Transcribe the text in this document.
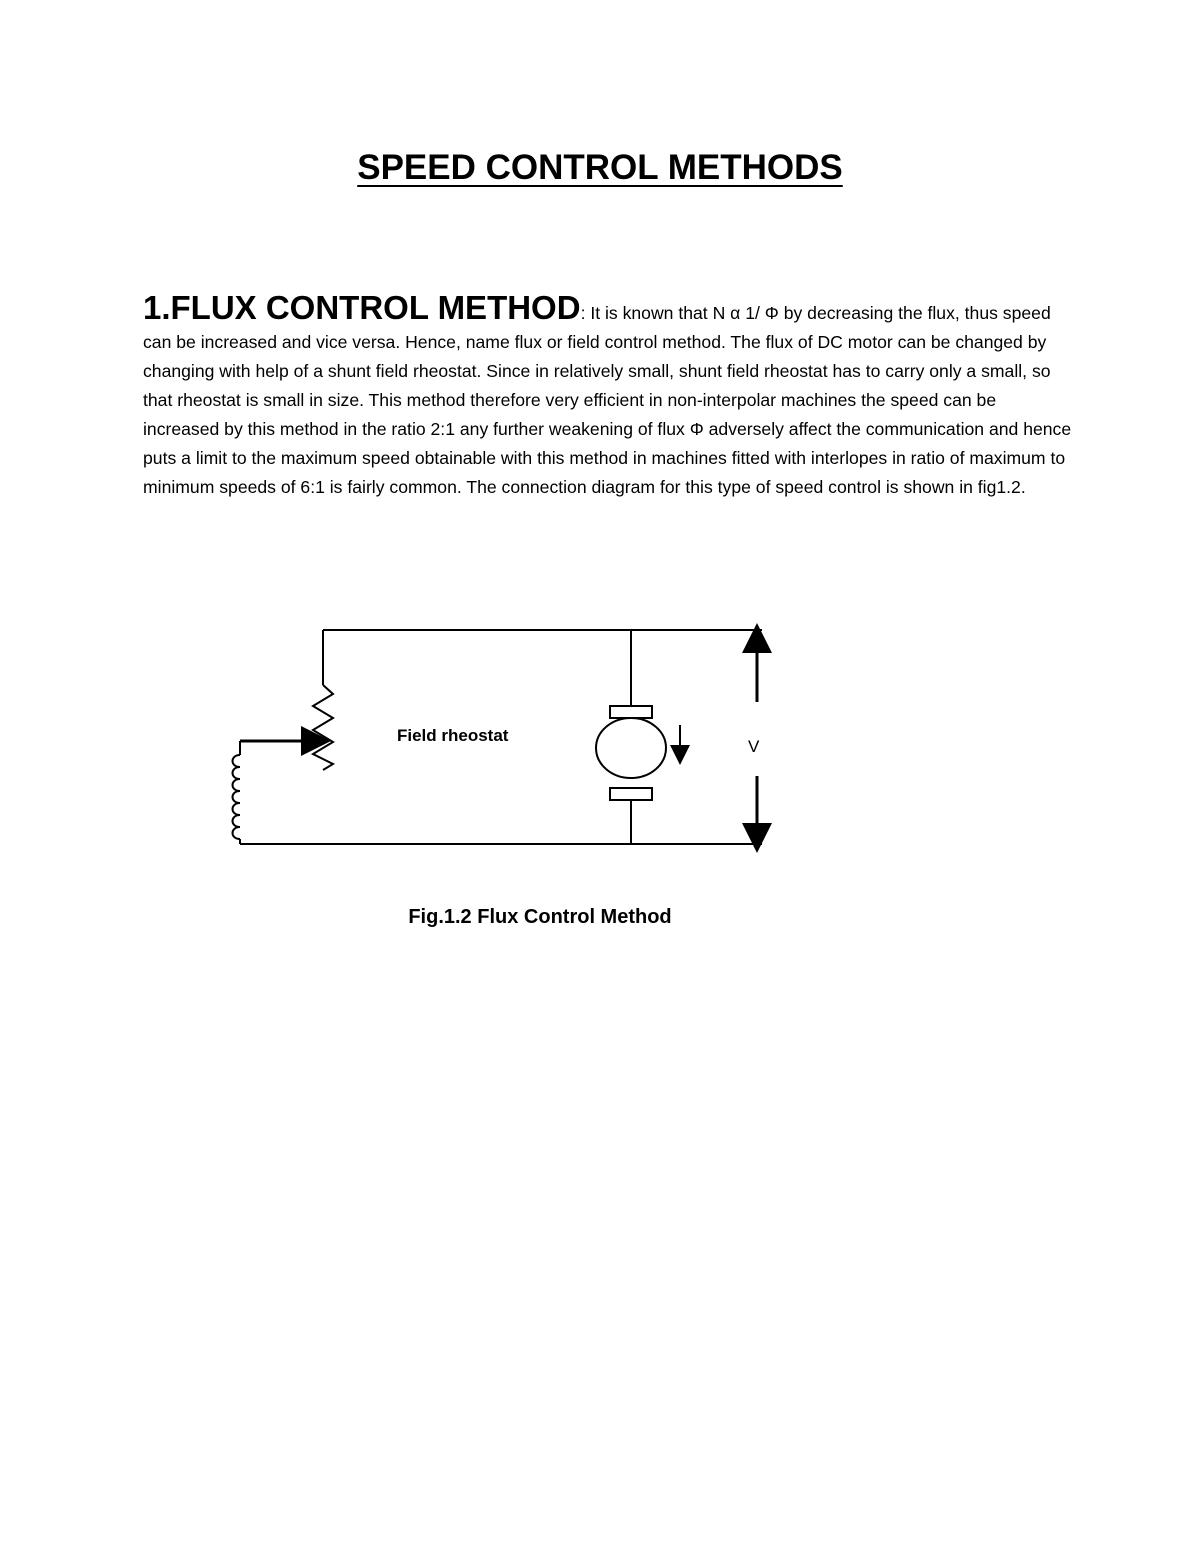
SPEED CONTROL METHODS

1.FLUX CONTROL METHOD: It is known that N α 1/ Φ by decreasing the flux, thus speed can be increased and vice versa. Hence, name flux or field control method. The flux of DC motor can be changed by changing with help of a shunt field rheostat. Since in relatively small, shunt field rheostat has to carry only a small, so that rheostat is small in size. This method therefore very efficient in non-interpolar machines the speed can be increased by this method in the ratio 2:1 any further weakening of flux Φ adversely affect the communication and hence puts a limit to the maximum speed obtainable with this method in machines fitted with interlopes in ratio of maximum to minimum speeds of 6:1 is fairly common. The connection diagram for this type of speed control is shown in fig1.2.

Field rheostat
V

Fig.1.2 Flux Control Method
